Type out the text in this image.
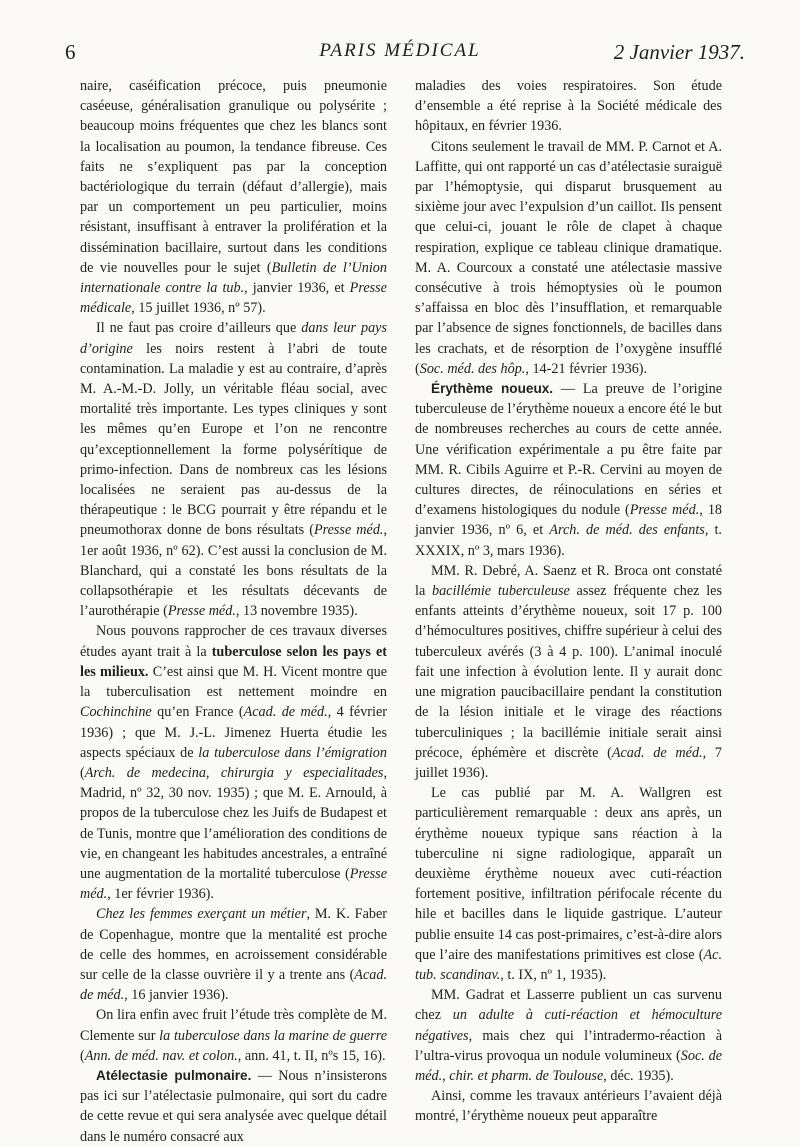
6	PARIS MÉDICAL	2 Janvier 1937.

naire, caséification précoce, puis pneumonie caséeuse, généralisation granulique ou polysérite ; beaucoup moins fréquentes que chez les blancs sont la localisation au poumon, la tendance fibreuse. Ces faits ne s’expliquent pas par la conception bactériologique du terrain (défaut d’allergie), mais par un comportement un peu particulier, moins résistant, insuffisant à entraver la prolifération et la dissémination bacillaire, surtout dans les conditions de vie nouvelles pour le sujet (Bulletin de l’Union internationale contre la tub., janvier 1936, et Presse médicale, 15 juillet 1936, nº 57).

Il ne faut pas croire d’ailleurs que dans leur pays d’origine les noirs restent à l’abri de toute contamination. La maladie y est au contraire, d’après M. A.-M.-D. Jolly, un véritable fléau social, avec mortalité très importante. Les types cliniques y sont les mêmes qu’en Europe et l’on ne rencontre qu’exceptionnellement la forme polysérítique de primo-infection. Dans de nombreux cas les lésions localisées ne seraient pas au-dessus de la thérapeutique : le BCG pourrait y être répandu et le pneumothorax donne de bons résultats (Presse méd., 1er août 1936, nº 62). C’est aussi la conclusion de M. Blanchard, qui a constaté les bons résultats de la collapsothérapie et les résultats décevants de l’aurothérapie (Presse méd., 13 novembre 1935).

Nous pouvons rapprocher de ces travaux diverses études ayant trait à la tuberculose selon les pays et les milieux. C’est ainsi que M. H. Vicent montre que la tuberculisation est nettement moindre en Cochinchine qu’en France (Acad. de méd., 4 février 1936) ; que M. J.-L. Jimenez Huerta étudie les aspects spéciaux de la tuberculose dans l’émigration (Arch. de medecina, chirurgia y especialitades, Madrid, nº 32, 30 nov. 1935) ; que M. E. Arnould, à propos de la tuberculose chez les Juifs de Budapest et de Tunis, montre que l’amélioration des conditions de vie, en changeant les habitudes ancestrales, a entraîné une augmentation de la mortalité tuberculose (Presse méd., 1er février 1936).

Chez les femmes exerçant un métier, M. K. Faber de Copenhague, montre que la mentalité est proche de celle des hommes, en acroissement considérable sur celle de la classe ouvrière il y a trente ans (Acad. de méd., 16 janvier 1936).

On lira enfin avec fruit l’étude très complète de M. Clemente sur la tuberculose dans la marine de guerre (Ann. de méd. nav. et colon., ann. 41, t. II, nºs 15, 16).

Atélectasie pulmonaire. — Nous n’insisterons pas ici sur l’atélectasie pulmonaire, qui sort du cadre de cette revue et qui sera analysée avec quelque détail dans le numéro consacré aux

maladies des voies respiratoires. Son étude d’ensemble a été reprise à la Société médicale des hôpitaux, en février 1936.

Citons seulement le travail de MM. P. Carnot et A. Laffitte, qui ont rapporté un cas d’atélectasie suraiguë par l’hémoptysie, qui disparut brusquement au sixième jour avec l’expulsion d’un caillot. Ils pensent que celui-ci, jouant le rôle de clapet à chaque respiration, explique ce tableau clinique dramatique. M. A. Courcoux a constaté une atélectasie massive consécutive à trois hémoptysies où le poumon s’affaissa en bloc dès l’insufflation, et remarquable par l’absence de signes fonctionnels, de bacilles dans les crachats, et de résorption de l’oxygène insufflé (Soc. méd. des hôp., 14-21 février 1936).

Érythème noueux. — La preuve de l’origine tuberculeuse de l’érythème noueux a encore été le but de nombreuses recherches au cours de cette année. Une vérification expérimentale a pu être faite par MM. R. Cibils Aguirre et P.-R. Cervini au moyen de cultures directes, de réinoculations en séries et d’examens histologiques du nodule (Presse méd., 18 janvier 1936, nº 6, et Arch. de méd. des enfants, t. XXXIX, nº 3, mars 1936).

MM. R. Debré, A. Saenz et R. Broca ont constaté la bacillémie tuberculeuse assez fréquente chez les enfants atteints d’érythème noueux, soit 17 p. 100 d’hémocultures positives, chiffre supérieur à celui des tuberculeux avérés (3 à 4 p. 100). L’animal inoculé fait une infection à évolution lente. Il y aurait donc une migration paucibacillaire pendant la constitution de la lésion initiale et le virage des réactions tuberculiniques ; la bacillémie initiale serait ainsi précoce, éphémère et discrète (Acad. de méd., 7 juillet 1936).

Le cas publié par M. A. Wallgren est particulièrement remarquable : deux ans après, un érythème noueux typique sans réaction à la tuberculine ni signe radiologique, apparaît un deuxième érythème noueux avec cuti-réaction fortement positive, infiltration périfocale récente du hile et bacilles dans le liquide gastrique. L’auteur publie ensuite 14 cas post-primaires, c’est-à-dire alors que l’aire des manifestations primitives est close (Ac. tub. scandinav., t. IX, nº 1, 1935).

MM. Gadrat et Lasserre publient un cas survenu chez un adulte à cuti-réaction et hémoculture négatives, mais chez qui l’intradermo-réaction à l’ultra-virus provoqua un nodule volumineux (Soc. de méd., chir. et pharm. de Toulouse, déc. 1935).

Ainsi, comme les travaux antérieurs l’avaient déjà montré, l’érythème noueux peut apparaître
